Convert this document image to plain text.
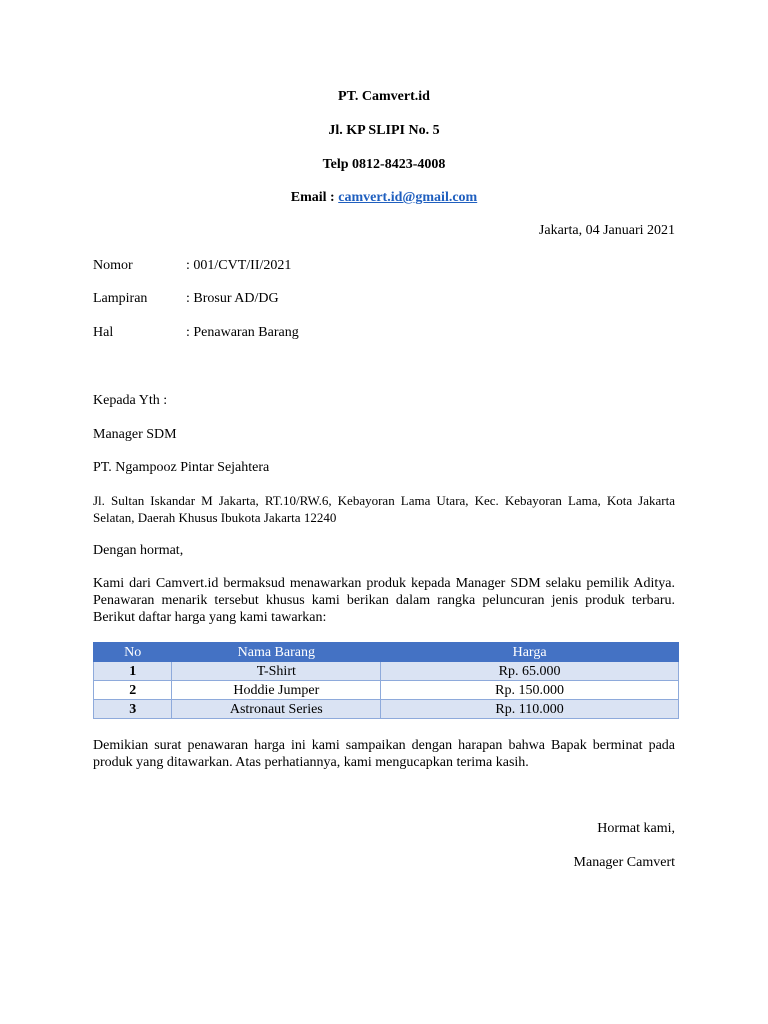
PT. Camvert.id
Jl. KP SLIPI No. 5
Telp 0812-8423-4008
Email : camvert.id@gmail.com
Jakarta, 04 Januari 2021
Nomor	: 001/CVT/II/2021
Lampiran	: Brosur AD/DG
Hal	: Penawaran Barang
Kepada Yth :
Manager SDM
PT. Ngampooz Pintar Sejahtera
Jl. Sultan Iskandar M Jakarta, RT.10/RW.6, Kebayoran Lama Utara, Kec. Kebayoran Lama, Kota Jakarta Selatan, Daerah Khusus Ibukota Jakarta 12240
Dengan hormat,
Kami dari Camvert.id bermaksud menawarkan produk kepada Manager SDM selaku pemilik Aditya. Penawaran menarik tersebut khusus kami berikan dalam rangka peluncuran jenis produk terbaru. Berikut daftar harga yang kami tawarkan:
No	Nama Barang	Harga
1	T-Shirt	Rp. 65.000
2	Hoddie Jumper	Rp. 150.000
3	Astronaut Series	Rp. 110.000
Demikian surat penawaran harga ini kami sampaikan dengan harapan bahwa Bapak berminat pada produk yang ditawarkan. Atas perhatiannya, kami mengucapkan terima kasih.
Hormat kami,
Manager Camvert
